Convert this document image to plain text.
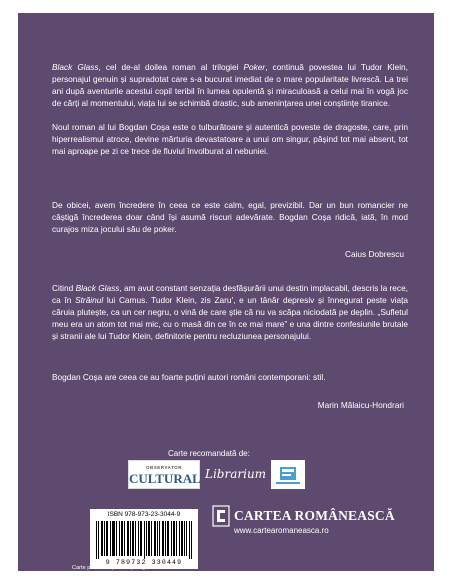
Black Glass, cel de-al doilea roman al trilogiei Poker, continuă povestea lui Tudor Klein, personajul genuin și supradotat care s-a bucurat imediat de o mare popularitate livrescă. La trei ani după aventurile acestui copil teribil în lumea opulentă și miraculoasă a celui mai în vogă joc de cărți al momentului, viața lui se schimbă drastic, sub amenințarea unei conștiințe tiranice.

Noul roman al lui Bogdan Coșa este o tulburătoare și autentică poveste de dragoste, care, prin hiperrealismul atroce, devine mărturia devastatoare a unui om singur, pășind tot mai absent, tot mai aproape pe zi ce trece de fluviul învolburat al nebuniei.

De obicei, avem încredere în ceea ce este calm, egal, previzibil. Dar un bun romancier ne câștigă încrederea doar când își asumă riscuri adevărate. Bogdan Coșa ridică, iată, în mod curajos miza jocului său de poker.

Caius Dobrescu

Citind Black Glass, am avut constant senzația desfășurării unui destin implacabil, descris la rece, ca în Străinul lui Camus. Tudor Klein, zis Zaru', e un tânăr depresiv și înnegurat peste viața căruia plutește, ca un cer negru, o vină de care știe că nu va scăpa niciodată pe deplin. „Sufletul meu era un atom tot mai mic, cu o masă din ce în ce mai mare” e una dintre confesiunile brutale și stranii ale lui Tudor Klein, definitorie pentru recluziunea personajului.

Bogdan Coșa are ceea ce au foarte puțini autori români contemporani: stil.

Marin Mălaicu-Hondrari
Carte recomandată de:
OBSERVATOR
CULTURAL Librarium
ISBN 978-973-23-3044-9
9 789732 330449
Carte publicată și în ediție digitală
CARTEA ROMÂNEASCĂ
www.cartearomaneasca.ro
